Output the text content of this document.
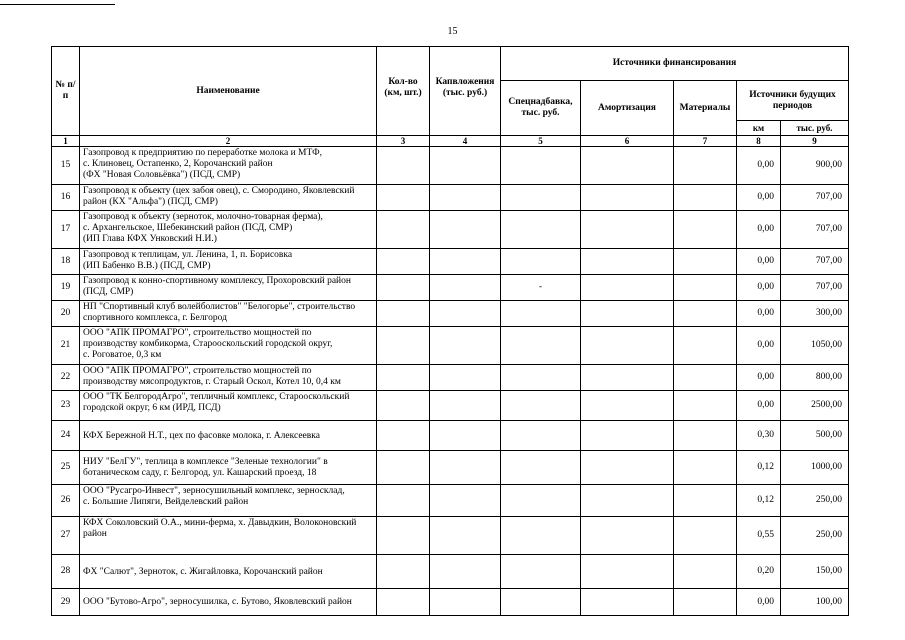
15
№ п/п	Наименование	Кол-во (км, шт.)	Капвложения (тыс. руб.)	Источники финансирования				
				Спецнадбавка, тыс. руб.	Амортизация	Материалы	Источники будущих периодов	
							км	тыс. руб.
1	2	3	4	5	6	7	8	9
15	Газопровод к предприятию по переработке молока и МТФ,
с. Клиновец, Остапенко, 2, Корочанский район
(ФХ "Новая Соловьёвка") (ПСД, СМР)						0,00	900,00
16	Газопровод к объекту (цех забоя овец), с. Смородино, Яковлевский
район (КХ "Альфа") (ПСД, СМР)						0,00	707,00
17	Газопровод к объекту (зерноток, молочно-товарная ферма),
с. Архангельское, Шебекинский район (ПСД, СМР)
(ИП Глава КФХ Унковский Н.И.)						0,00	707,00
18	Газопровод к теплицам, ул. Ленина, 1, п. Борисовка
(ИП Бабенко В.В.) (ПСД, СМР)						0,00	707,00
19	Газопровод к конно-спортивному комплексу, Прохоровский район
(ПСД, СМР)			-			0,00	707,00
20	НП "Спортивный клуб волейболистов" "Белогорье", строительство
спортивного комплекса, г. Белгород						0,00	300,00
21	ООО "АПК ПРОМАГРО", строительство мощностей по
производству комбикорма, Старооскольский городской округ,
с. Роговатое, 0,3 км						0,00	1050,00
22	ООО "АПК ПРОМАГРО", строительство мощностей по
производству мясопродуктов, г. Старый Оскол, Котел 10, 0,4 км						0,00	800,00
23	ООО "ТК БелгородАгро", тепличный комплекс, Старооскольский
городской округ, 6 км (ИРД, ПСД)						0,00	2500,00
24	КФХ Бережной Н.Т., цех по фасовке молока, г. Алексеевка						0,30	500,00
25	НИУ "БелГУ", теплица в комплексе "Зеленые технологии" в
ботаническом саду, г. Белгород, ул. Кашарский проезд, 18						0,12	1000,00
26	ООО "Русагро-Инвест", зерносушильный комплекс, зерносклад,
с. Большие Липяги, Вейделевский район						0,12	250,00
27	КФХ Соколовский О.А., мини-ферма, х. Давыдкин, Волоконовский
район						0,55	250,00
28	ФХ "Салют", Зерноток, с. Жигайловка, Корочанский район						0,20	150,00
29	ООО "Бутово-Агро", зерносушилка, с. Бутово, Яковлевский район						0,00	100,00
